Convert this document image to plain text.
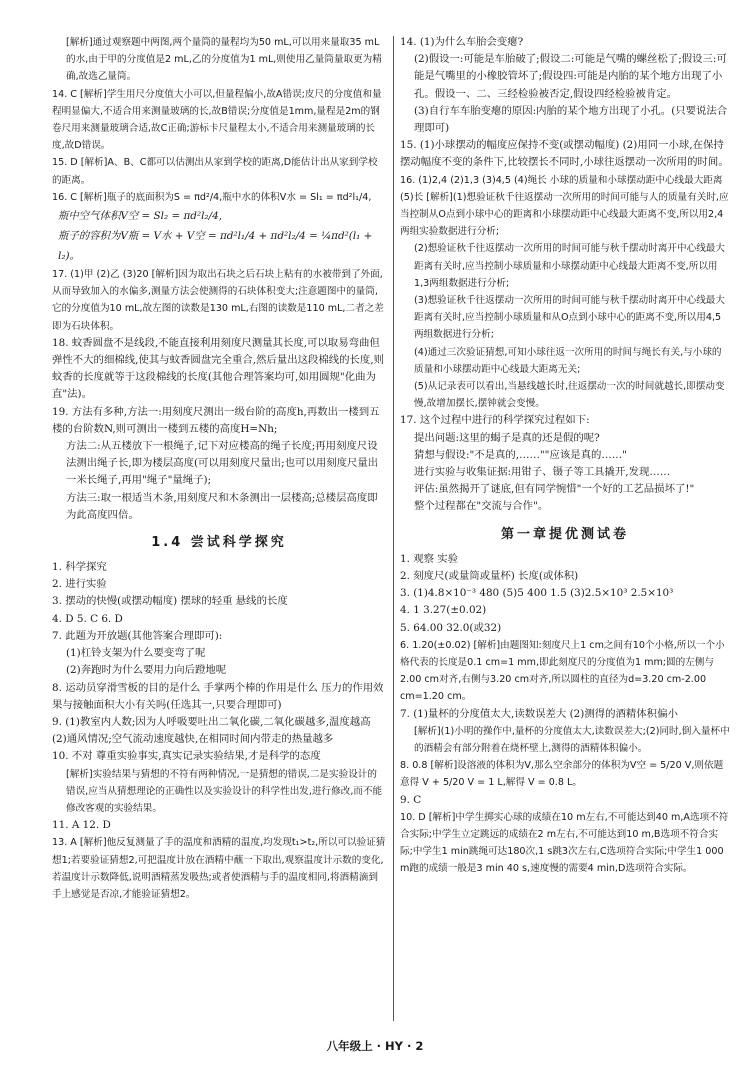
[解析]通过观察题中两图,两个量筒的量程均为50 mL,可以用来量取35 mL的水,由于甲的分度值是2 mL,乙的分度值为1 mL,则使用乙量筒量取更为精确,故选乙量筒。

14. C [解析]学生用尺分度值大小可以,但量程偏小,故A错误;皮尺的分度值和量程明显偏大,不适合用来测量玻璃的长,故B错误;分度值是1mm,量程是2m的钢卷尺用来测量玻璃合适,故C正确;游标卡尺量程太小,不适合用来测量玻璃的长度,故D错误。

15. D [解析]A、B、C都可以估测出从家到学校的距离,D能估计出从家到学校的距离。

16. C [解析]瓶子的底面积为S = πd²/4,瓶中水的体积V水 = Sl₁ = πd²l₁/4,

瓶中空气体积V空 = Sl₂ = πd²l₂/4,

瓶子的容积为V瓶 = V水 + V空 = πd²l₁/4 + πd²l₂/4 = ¼πd²(l₁ + l₂)。

17. (1)甲 (2)乙 (3)20 [解析]因为取出石块之后石块上粘有的水被带到了外面,从而导致加入的水偏多,测量方法会使测得的石块体积变大;注意题图中的量筒,它的分度值为10 mL,故左图的读数是130 mL,右图的读数是110 mL,二者之差即为石块体积。

18. 蚊香圆盘不是线段,不能直接利用刻度尺测量其长度,可以取易弯曲但弹性不大的细棉线,使其与蚊香圆盘完全重合,然后量出这段棉线的长度,则蚊香的长度就等于这段棉线的长度(其他合理答案均可,如用圆规"化曲为直"法)。

19. 方法有多种,方法一:用刻度尺测出一级台阶的高度h,再数出一楼到五楼的台阶数N,则可测出一楼到五楼的高度H=Nh;

方法二:从五楼放下一根绳子,记下对应楼高的绳子长度;再用刻度尺设法测出绳子长,即为楼层高度(可以用刻度尺量出;也可以用刻度尺量出一米长绳子,再用"绳子"量绳子);

方法三:取一根适当木条,用刻度尺和木条测出一层楼高;总楼层高度即为此高度四倍。

1.4 尝试科学探究

1. 科学探究

2. 进行实验

3. 摆动的快慢(或摆动幅度) 摆球的轻重 悬线的长度

4. D 5. C 6. D

7. 此题为开放题(其他答案合理即可):

(1)杠铃支架为什么要变弯了呢

(2)奔跑时为什么要用力向后蹬地呢

8. 运动员穿滑雪板的目的是什么 手掌两个棒的作用是什么 压力的作用效果与接触面积大小有关吗(任选其一,只要合理即可)

9. (1)教室内人数;因为人呼吸要吐出二氧化碳,二氧化碳越多,温度越高 (2)通风情况;空气流动速度越快,在相同时间内带走的热量越多

10. 不对 尊重实验事实,真实记录实验结果,才是科学的态度

[解析]实验结果与猜想的不符有两种情况,一是猜想的错误,二是实验设计的错误,应当从猜想理论的正确性以及实验设计的科学性出发,进行修改,而不能修改客观的实验结果。

11. A 12. D

13. A [解析]他反复测量了手的温度和酒精的温度,均发现t₁>t₂,所以可以验证猜想1;若要验证猜想2,可把温度计放在酒精中蘸一下取出,观察温度计示数的变化,若温度计示数降低,说明酒精蒸发吸热;或者使酒精与手的温度相同,将酒精滴到手上感觉是否凉,才能验证猜想2。

14. (1)为什么车胎会变瘪?

(2)假设一:可能是车胎破了;假设二:可能是气嘴的螺丝松了;假设三:可能是气嘴里的小橡胶管坏了;假设四:可能是内胎的某个地方出现了小孔。假设一、二、三经检验被否定,假设四经检验被肯定。

(3)自行车车胎变瘪的原因:内胎的某个地方出现了小孔。(只要说法合理即可)

15. (1)小球摆动的幅度应保持不变(或摆动幅度) (2)用同一小球,在保持摆动幅度不变的条件下,比较摆长不同时,小球往返摆动一次所用的时间。

16. (1)2,4 (2)1,3 (3)4,5 (4)绳长 小球的质量和小球摆动距中心线最大距离 (5)长 [解析](1)想验证秋千往返摆动一次所用的时间可能与人的质量有关时,应当控制从O点到小球中心的距离和小球摆动距中心线最大距离不变,所以用2,4两组实验数据进行分析;

(2)想验证秋千往返摆动一次所用的时间可能与秋千摆动时离开中心线最大距离有关时,应当控制小球质量和小球摆动距中心线最大距离不变,所以用1,3两组数据进行分析;

(3)想验证秋千往返摆动一次所用的时间可能与秋千摆动时离开中心线最大距离有关时,应当控制小球质量和从O点到小球中心的距离不变,所以用4,5两组数据进行分析;

(4)通过三次验证猜想,可知小球往返一次所用的时间与绳长有关,与小球的质量和小球摆动距中心线最大距离无关;

(5)从记录表可以看出,当悬线越长时,往返摆动一次的时间就越长,即摆动变慢,故增加摆长,摆钟就会变慢。

17. 这个过程中进行的科学探究过程如下:

提出问题:这里的蝎子是真的还是假的呢?

猜想与假设:"不是真的,……""应该是真的……"

进行实验与收集证据:用钳子、镊子等工具撬开,发现……

评估:虽然揭开了谜底,但有同学惋惜"一个好的工艺品损坏了!"

整个过程都在"交流与合作"。

第一章提优测试卷

1. 观察 实验

2. 刻度尺(或量筒或量杯) 长度(或体积)

3. (1)4.8×10⁻³ 480 (5)5 400 1.5 (3)2.5×10³ 2.5×10³

4. 1 3.27(±0.02)

5. 64.00 32.0(或32)

6. 1.20(±0.02) [解析]由题图知:刻度尺上1 cm之间有10个小格,所以一个小格代表的长度是0.1 cm=1 mm,即此刻度尺的分度值为1 mm;圆的左侧与2.00 cm对齐,右侧与3.20 cm对齐,所以圆柱的直径为d=3.20 cm-2.00 cm=1.20 cm。

7. (1)量杯的分度值太大,读数误差大 (2)测得的酒精体积偏小

[解析](1)小明的操作中,量杯的分度值太大,读数误差大;(2)同时,倒入量杯中的酒精会有部分附着在烧杯壁上,测得的酒精体积偏小。

8. 0.8 [解析]设溶液的体积为V,那么空余部分的体积为V空 = 5/20 V,则依题意得 V + 5/20 V = 1 L,解得 V = 0.8 L。

9. C

10. D [解析]中学生掷实心球的成绩在10 m左右,不可能达到40 m,A选项不符合实际;中学生立定跳远的成绩在2 m左右,不可能达到10 m,B选项不符合实际;中学生1 min跳绳可达180次,1 s跳3次左右,C选项符合实际;中学生1 000 m跑的成绩一般是3 min 40 s,速度慢的需要4 min,D选项符合实际。

八年级上 · HY · 2
